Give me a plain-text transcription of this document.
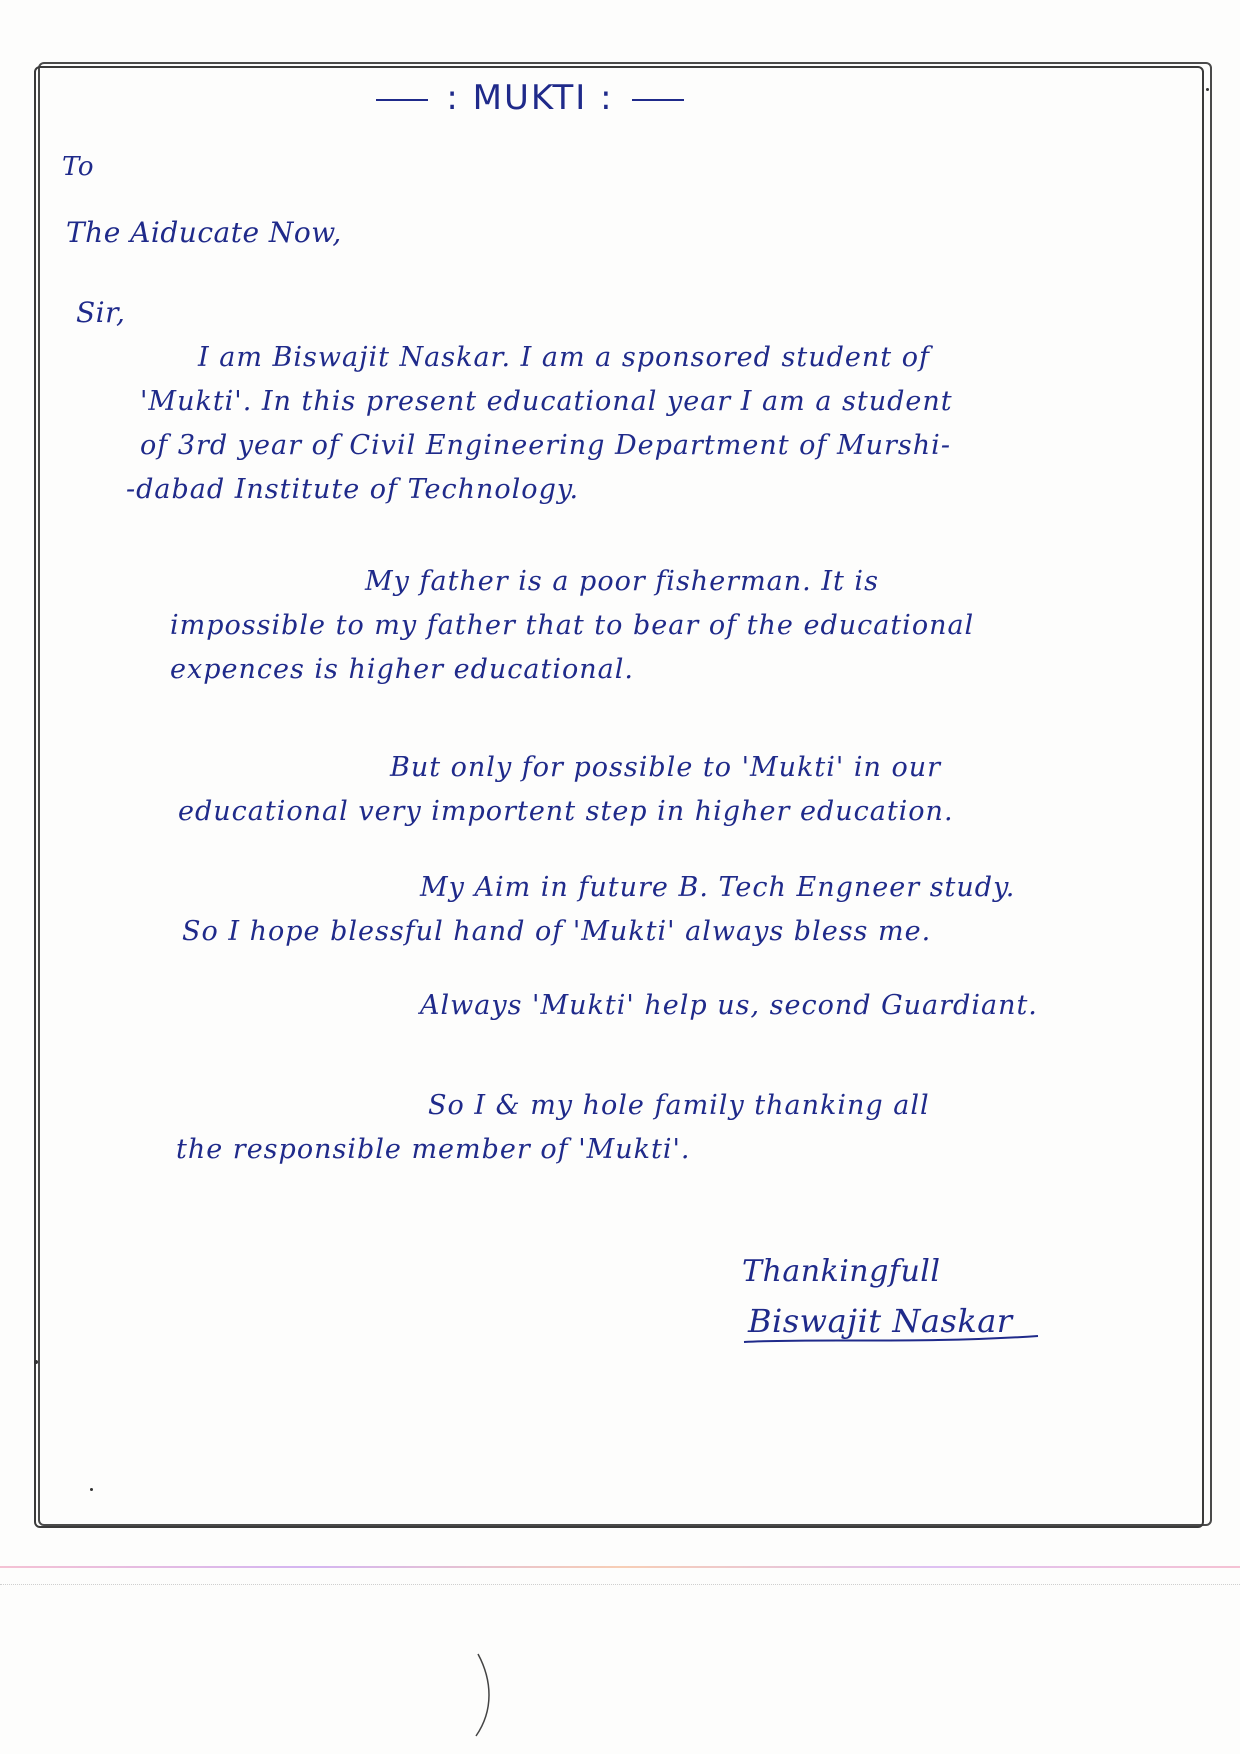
: MUKTI :
To
The Aiducate Now,
Sir,

I am Biswajit Naskar. I am a sponsored student of

'Mukti'. In this present educational year I am a student

of 3rd year of Civil Engineering Department of Murshi-

-dabad Institute of Technology.

My father is a poor fisherman. It is

impossible to my father that to bear of the educational

expences is higher educational.

But only for possible to 'Mukti' in our

educational very importent step in higher education.

My Aim in future B. Tech Engneer study.

So I hope blessful hand of 'Mukti' always bless me.

Always 'Mukti' help us, second Guardiant.

So I & my hole family thanking all

the responsible member of 'Mukti'.

Thankingfull
Biswajit Naskar
